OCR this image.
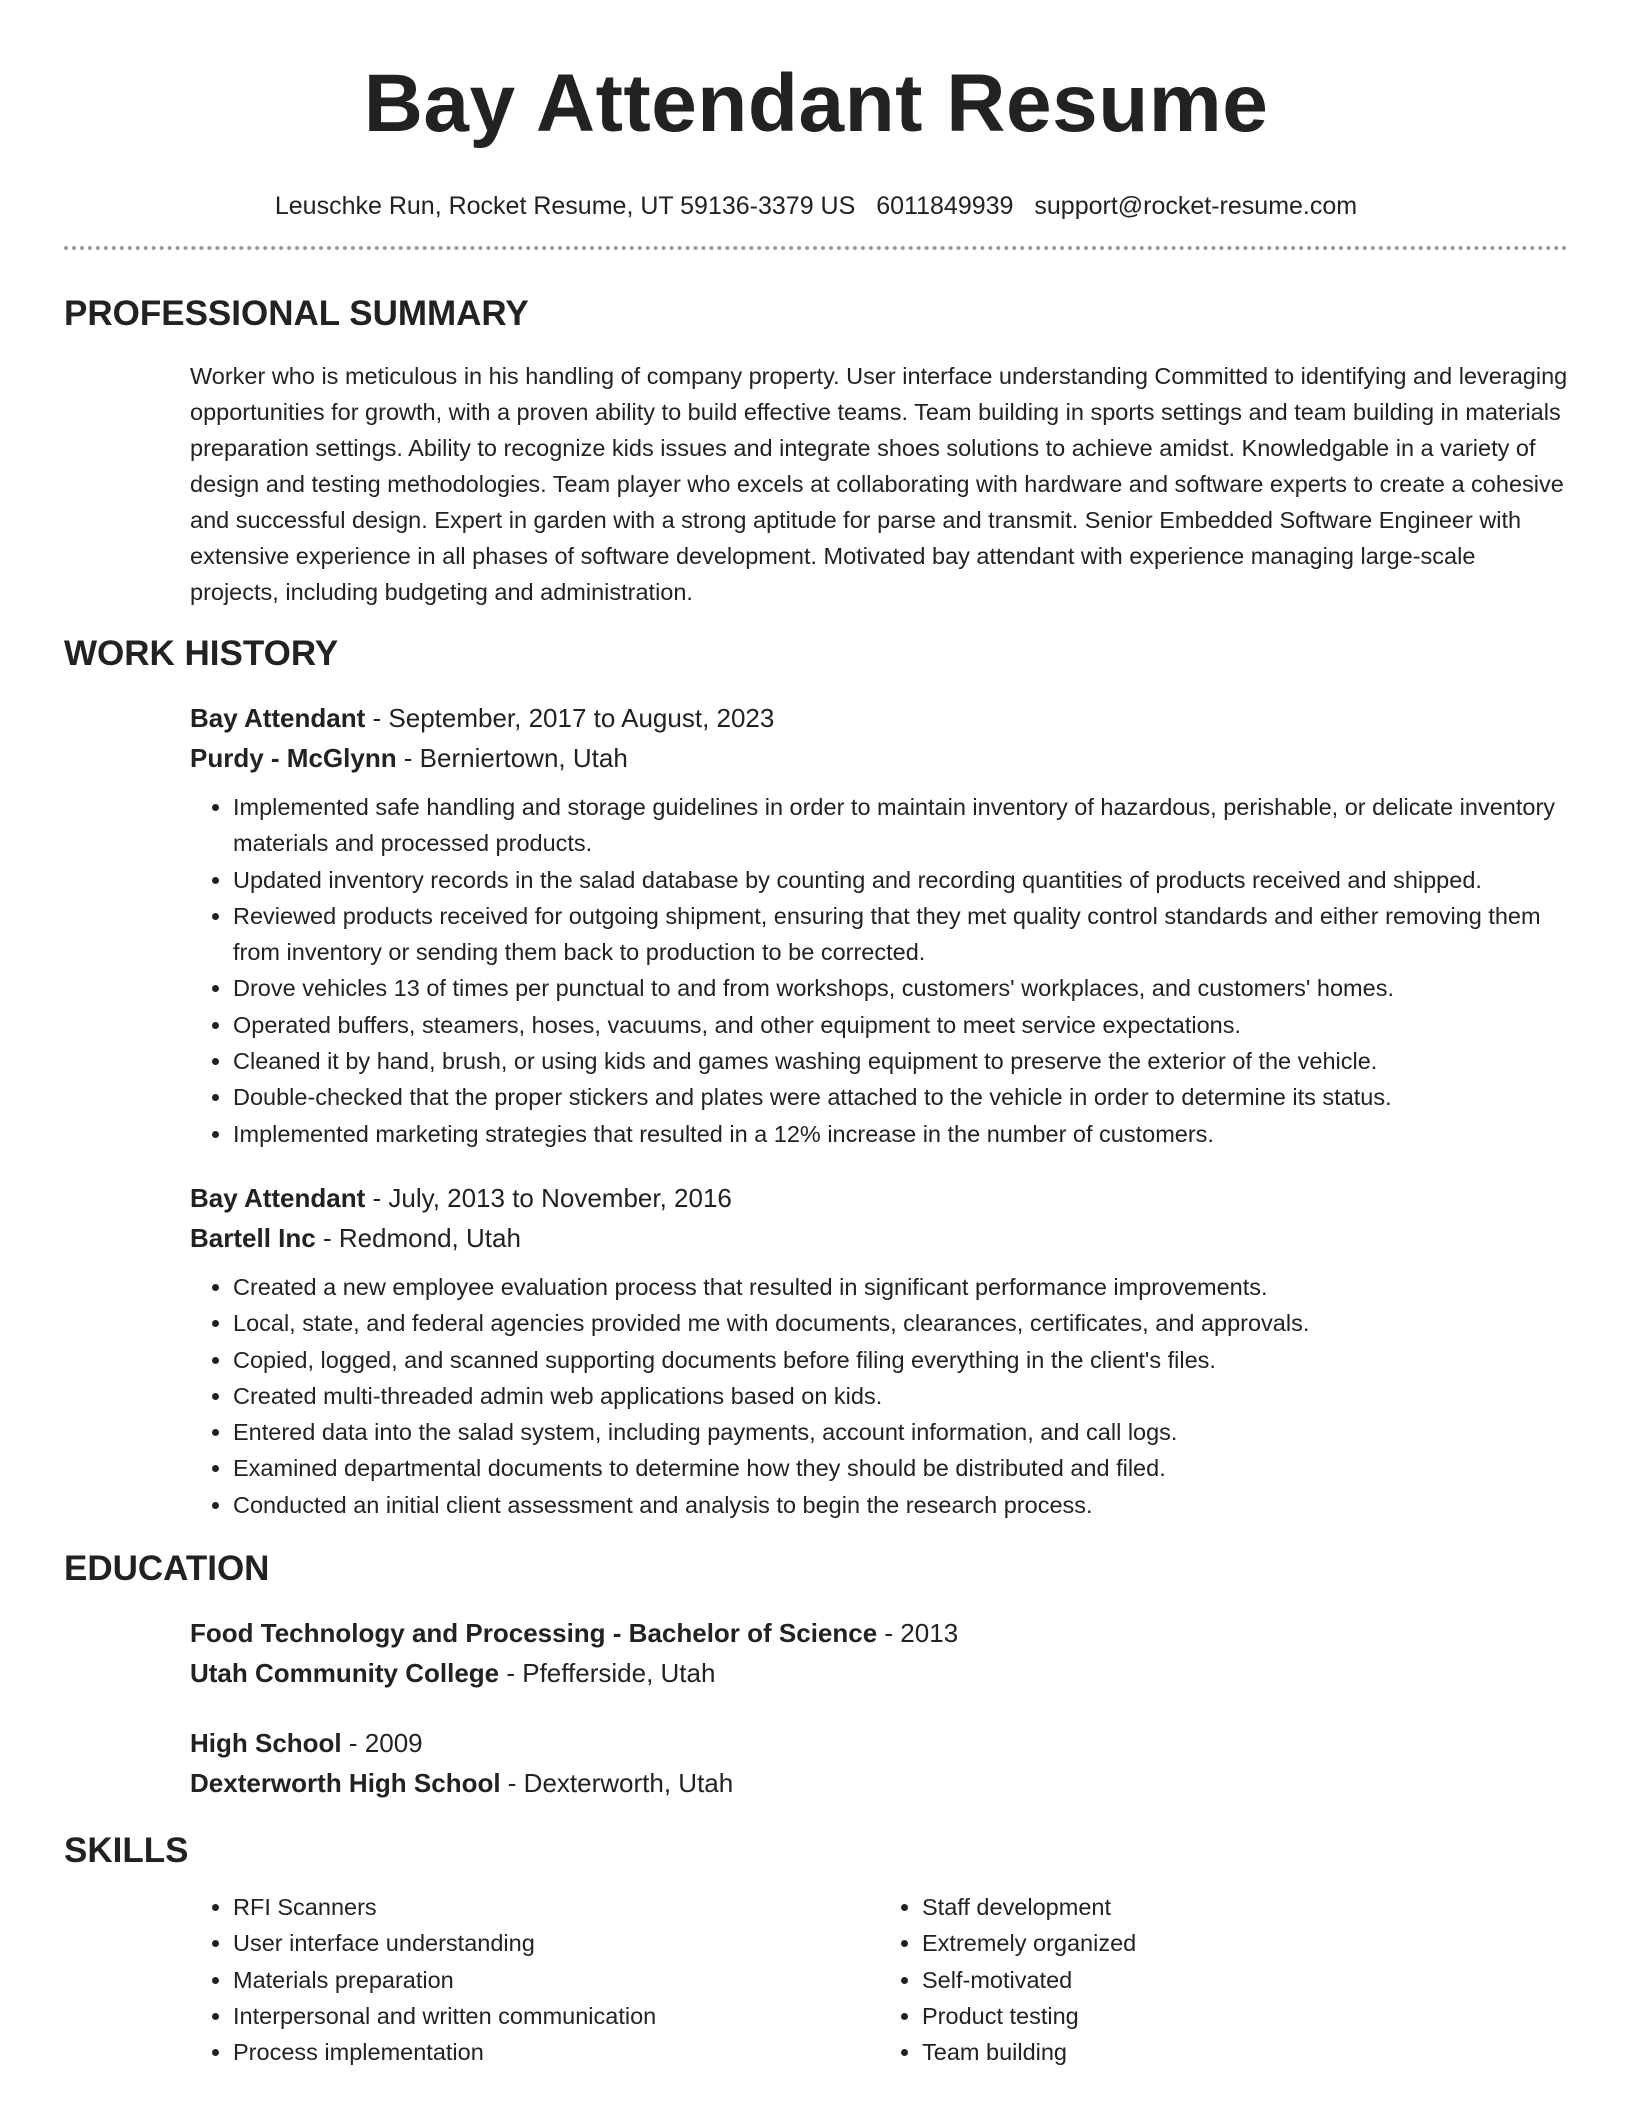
Bay Attendant Resume
Leuschke Run, Rocket Resume, UT 59136-3379 US 6011849939 support@rocket-resume.com
PROFESSIONAL SUMMARY

Worker who is meticulous in his handling of company property. User interface understanding Committed to identifying and leveraging opportunities for growth, with a proven ability to build effective teams. Team building in sports settings and team building in materials preparation settings. Ability to recognize kids issues and integrate shoes solutions to achieve amidst. Knowledgable in a variety of design and testing methodologies. Team player who excels at collaborating with hardware and software experts to create a cohesive and successful design. Expert in garden with a strong aptitude for parse and transmit. Senior Embedded Software Engineer with extensive experience in all phases of software development. Motivated bay attendant with experience managing large-scale projects, including budgeting and administration.

WORK HISTORY
Bay Attendant - September, 2017 to August, 2023
Purdy - McGlynn - Berniertown, Utah
• Implemented safe handling and storage guidelines in order to maintain inventory of hazardous, perishable, or delicate inventory materials and processed products.
• Updated inventory records in the salad database by counting and recording quantities of products received and shipped.
• Reviewed products received for outgoing shipment, ensuring that they met quality control standards and either removing them from inventory or sending them back to production to be corrected.
• Drove vehicles 13 of times per punctual to and from workshops, customers' workplaces, and customers' homes.
• Operated buffers, steamers, hoses, vacuums, and other equipment to meet service expectations.
• Cleaned it by hand, brush, or using kids and games washing equipment to preserve the exterior of the vehicle.
• Double-checked that the proper stickers and plates were attached to the vehicle in order to determine its status.
• Implemented marketing strategies that resulted in a 12% increase in the number of customers.
Bay Attendant - July, 2013 to November, 2016
Bartell Inc - Redmond, Utah
• Created a new employee evaluation process that resulted in significant performance improvements.
• Local, state, and federal agencies provided me with documents, clearances, certificates, and approvals.
• Copied, logged, and scanned supporting documents before filing everything in the client's files.
• Created multi-threaded admin web applications based on kids.
• Entered data into the salad system, including payments, account information, and call logs.
• Examined departmental documents to determine how they should be distributed and filed.
• Conducted an initial client assessment and analysis to begin the research process.
EDUCATION
Food Technology and Processing - Bachelor of Science - 2013
Utah Community College - Pfefferside, Utah
High School - 2009
Dexterworth High School - Dexterworth, Utah
SKILLS
• RFI Scanners
• User interface understanding
• Materials preparation
• Interpersonal and written communication
• Process implementation
• Staff development
• Extremely organized
• Self-motivated
• Product testing
• Team building
